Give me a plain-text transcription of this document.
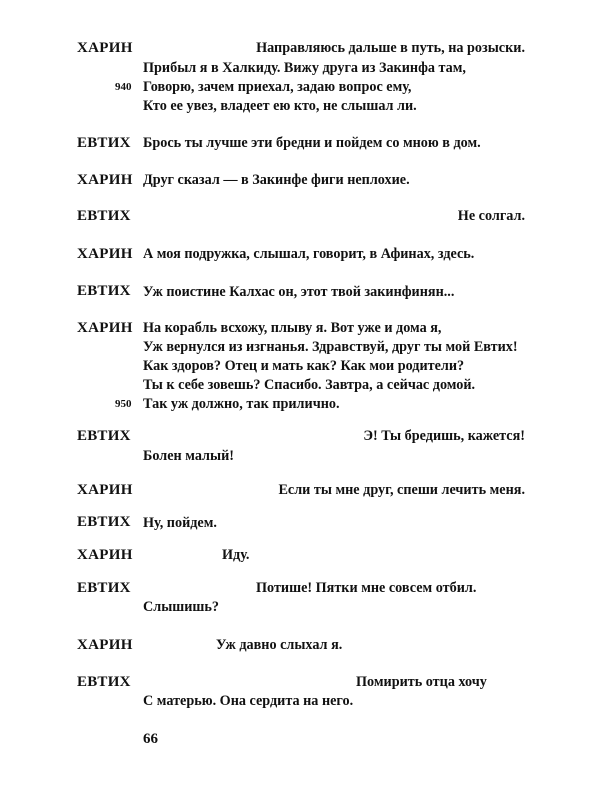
ХАРИН	Направляюсь дальше в путь, на розыски.
Прибыл я в Халкиду. Вижу друга из Закинфа там,
940 Говорю, зачем приехал, задаю вопрос ему,
Кто ее увез, владеет ею кто, не слышал ли.
ЕВТИХ Брось ты лучше эти бредни и пойдем со мною в дом.
ХАРИН Друг сказал — в Закинфе фиги неплохие.
ЕВТИХ	Не солгал.
ХАРИН А моя подружка, слышал, говорит, в Афинах, здесь.
ЕВТИХ Уж поистине Калхас он, этот твой закинфинян...
ХАРИН На корабль всхожу, плыву я. Вот уже и дома я,
Уж вернулся из изгнанья. Здравствуй, друг ты мой Евтих!
Как здоров? Отец и мать как? Как мои родители?
Ты к себе зовешь? Спасибо. Завтра, а сейчас домой.
950 Так уж должно, так прилично.
ЕВТИХ	Э! Ты бредишь, кажется!
Болен малый!
ХАРИН	Если ты мне друг, спеши лечить меня.
ЕВТИХ Ну, пойдем.
ХАРИН	Иду.
ЕВТИХ	Потише! Пятки мне совсем отбил.
Слышишь?
ХАРИН	Уж давно слыхал я.
ЕВТИХ	Помирить отца хочу
С матерью. Она сердита на него.
66
